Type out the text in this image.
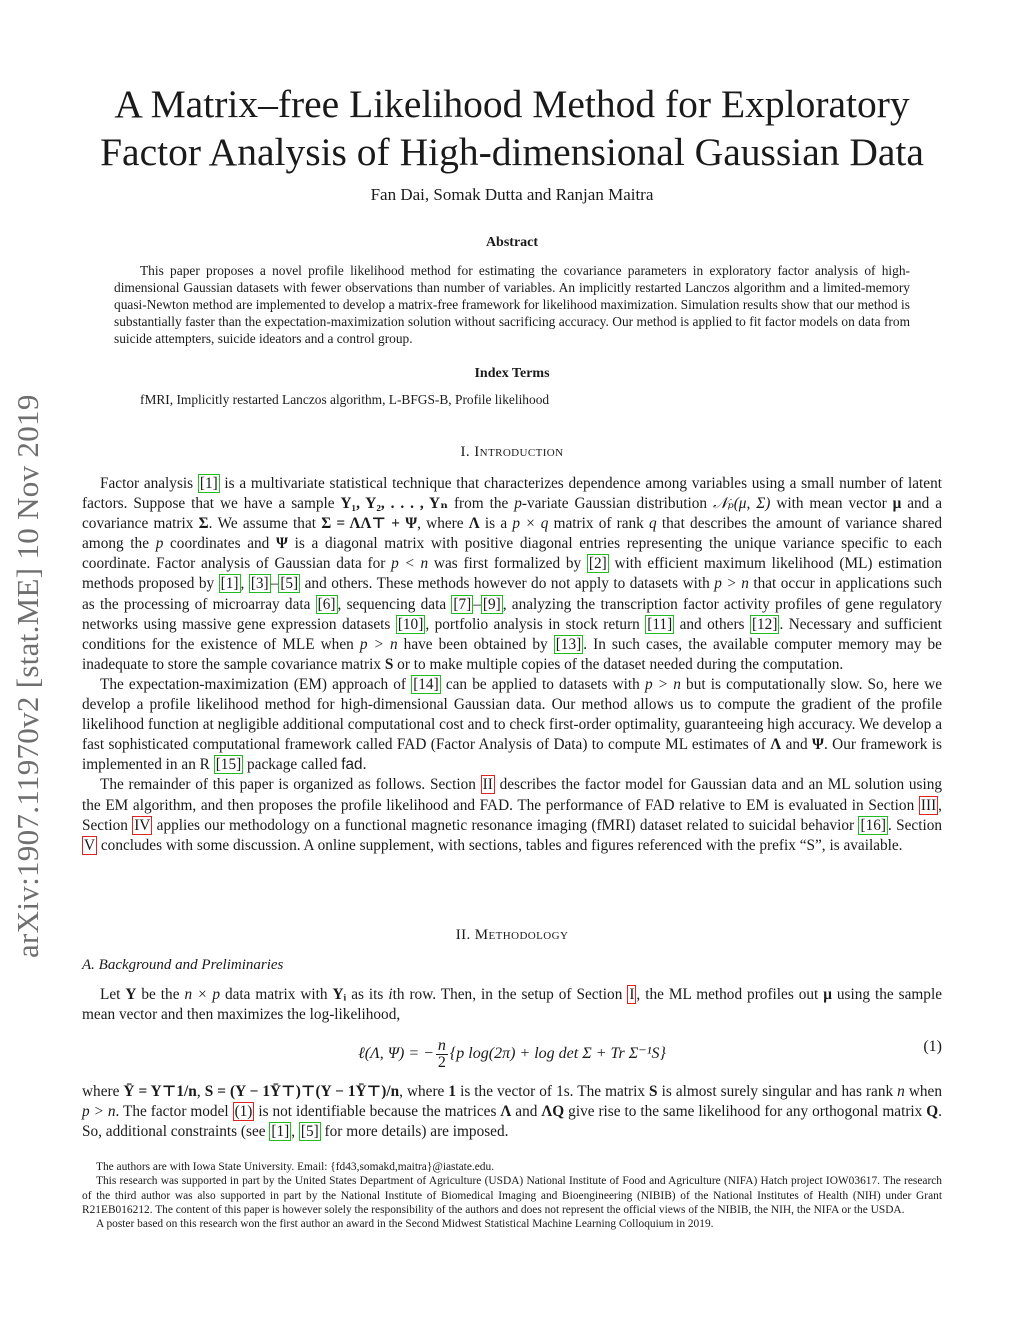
arXiv:1907.11970v2 [stat.ME] 10 Nov 2019
A Matrix–free Likelihood Method for Exploratory
Factor Analysis of High-dimensional Gaussian Data
Fan Dai, Somak Dutta and Ranjan Maitra
Abstract
This paper proposes a novel profile likelihood method for estimating the covariance parameters in exploratory factor analysis of high-dimensional Gaussian datasets with fewer observations than number of variables. An implicitly restarted Lanczos algorithm and a limited-memory quasi-Newton method are implemented to develop a matrix-free framework for likelihood maximization. Simulation results show that our method is substantially faster than the expectation-maximization solution without sacrificing accuracy. Our method is applied to fit factor models on data from suicide attempters, suicide ideators and a control group.
Index Terms
fMRI, Implicitly restarted Lanczos algorithm, L-BFGS-B, Profile likelihood
I. Introduction

Factor analysis [1] is a multivariate statistical technique that characterizes dependence among variables using a small number of latent factors. Suppose that we have a sample Y₁, Y₂, . . . , Yₙ from the p-variate Gaussian distribution 𝒩ₚ(μ, Σ) with mean vector μ and a covariance matrix Σ. We assume that Σ = ΛΛ⊤ + Ψ, where Λ is a p × q matrix of rank q that describes the amount of variance shared among the p coordinates and Ψ is a diagonal matrix with positive diagonal entries representing the unique variance specific to each coordinate. Factor analysis of Gaussian data for p < n was first formalized by [2] with efficient maximum likelihood (ML) estimation methods proposed by [1] , [3] – [5] and others. These methods however do not apply to datasets with p > n that occur in applications such as the processing of microarray data [6] , sequencing data [7] – [9] , analyzing the transcription factor activity profiles of gene regulatory networks using massive gene expression datasets [10] , portfolio analysis in stock return [11] and others [12] . Necessary and sufficient conditions for the existence of MLE when p > n have been obtained by [13] . In such cases, the available computer memory may be inadequate to store the sample covariance matrix S or to make multiple copies of the dataset needed during the computation.

The expectation-maximization (EM) approach of [14] can be applied to datasets with p > n but is computationally slow. So, here we develop a profile likelihood method for high-dimensional Gaussian data. Our method allows us to compute the gradient of the profile likelihood function at negligible additional computational cost and to check first-order optimality, guaranteeing high accuracy. We develop a fast sophisticated computational framework called FAD (Factor Analysis of Data) to compute ML estimates of Λ and Ψ. Our framework is implemented in an R [15] package called fad.

The remainder of this paper is organized as follows. Section II describes the factor model for Gaussian data and an ML solution using the EM algorithm, and then proposes the profile likelihood and FAD. The performance of FAD relative to EM is evaluated in Section III , Section IV applies our methodology on a functional magnetic resonance imaging (fMRI) dataset related to suicidal behavior [16] . Section V concludes with some discussion. A online supplement, with sections, tables and figures referenced with the prefix “S”, is available.

II. Methodology
A. Background and Preliminaries

Let Y be the n × p data matrix with Yᵢ as its ith row. Then, in the setup of Section I , the ML method profiles out μ using the sample mean vector and then maximizes the log-likelihood,

ℓ(Λ, Ψ) = − $\frac{n}{2} \{p$ log(2π) + log det Σ + Tr Σ⁻¹S}	(1)

where Ȳ = Y⊤1/n, S = (Y − 1Ȳ⊤)⊤(Y − 1Ȳ⊤)/n, where 1 is the vector of 1s. The matrix S is almost surely singular and has rank n when p > n. The factor model (1) is not identifiable because the matrices Λ and ΛQ give rise to the same likelihood for any orthogonal matrix Q. So, additional constraints (see [1] , [5] for more details) are imposed.

The authors are with Iowa State University. Email: {fd43,somakd,maitra}@iastate.edu.

This research was supported in part by the United States Department of Agriculture (USDA) National Institute of Food and Agriculture (NIFA) Hatch project IOW03617. The research of the third author was also supported in part by the National Institute of Biomedical Imaging and Bioengineering (NIBIB) of the National Institutes of Health (NIH) under Grant R21EB016212. The content of this paper is however solely the responsibility of the authors and does not represent the official views of the NIBIB, the NIH, the NIFA or the USDA.

A poster based on this research won the first author an award in the Second Midwest Statistical Machine Learning Colloquium in 2019.
